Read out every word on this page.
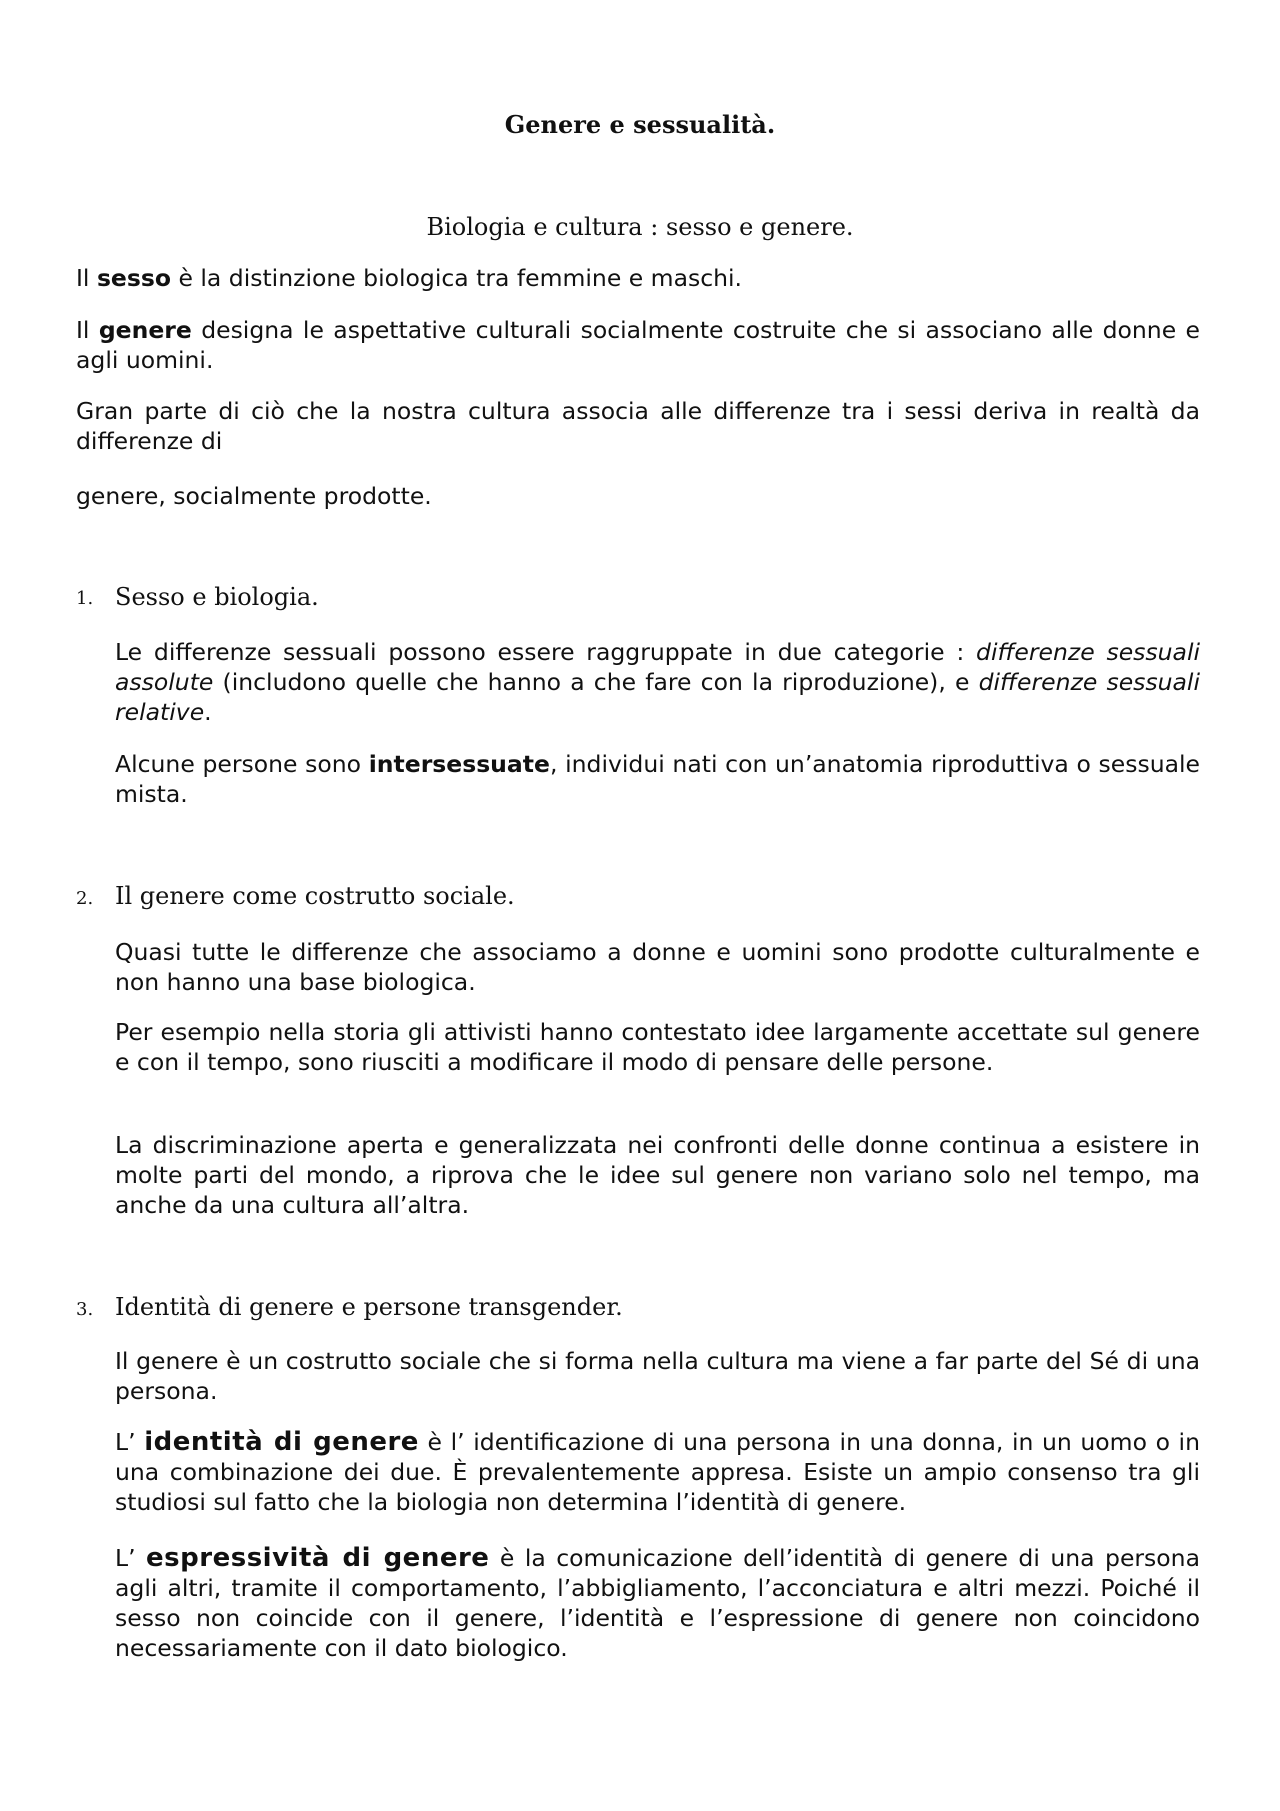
Genere e sessualità.
Biologia e cultura : sesso e genere.

Il sesso è la distinzione biologica tra femmine e maschi.

Il genere designa le aspettative culturali socialmente costruite che si associano alle donne e agli uomini.

Gran parte di ciò che la nostra cultura associa alle differenze tra i sessi deriva in realtà da differenze di

genere, socialmente prodotte.

1. Sesso e biologia.

Le differenze sessuali possono essere raggruppate in due categorie : differenze sessuali assolute (includono quelle che hanno a che fare con la riproduzione), e differenze sessuali relative.

Alcune persone sono intersessuate, individui nati con un’anatomia riproduttiva o sessuale mista.

2. Il genere come costrutto sociale.

Quasi tutte le differenze che associamo a donne e uomini sono prodotte culturalmente e non hanno una base biologica.

Per esempio nella storia gli attivisti hanno contestato idee largamente accettate sul genere e con il tempo, sono riusciti a modificare il modo di pensare delle persone.

La discriminazione aperta e generalizzata nei confronti delle donne continua a esistere in molte parti del mondo, a riprova che le idee sul genere non variano solo nel tempo, ma anche da una cultura all’altra.

3. Identità di genere e persone transgender.

Il genere è un costrutto sociale che si forma nella cultura ma viene a far parte del Sé di una persona.

L’ identità di genere è l’ identificazione di una persona in una donna, in un uomo o in una combinazione dei due. È prevalentemente appresa. Esiste un ampio consenso tra gli studiosi sul fatto che la biologia non determina l’identità di genere.

L’ espressività di genere è la comunicazione dell’identità di genere di una persona agli altri, tramite il comportamento, l’abbigliamento, l’acconciatura e altri mezzi. Poiché il sesso non coincide con il genere, l’identità e l’espressione di genere non coincidono necessariamente con il dato biologico.
